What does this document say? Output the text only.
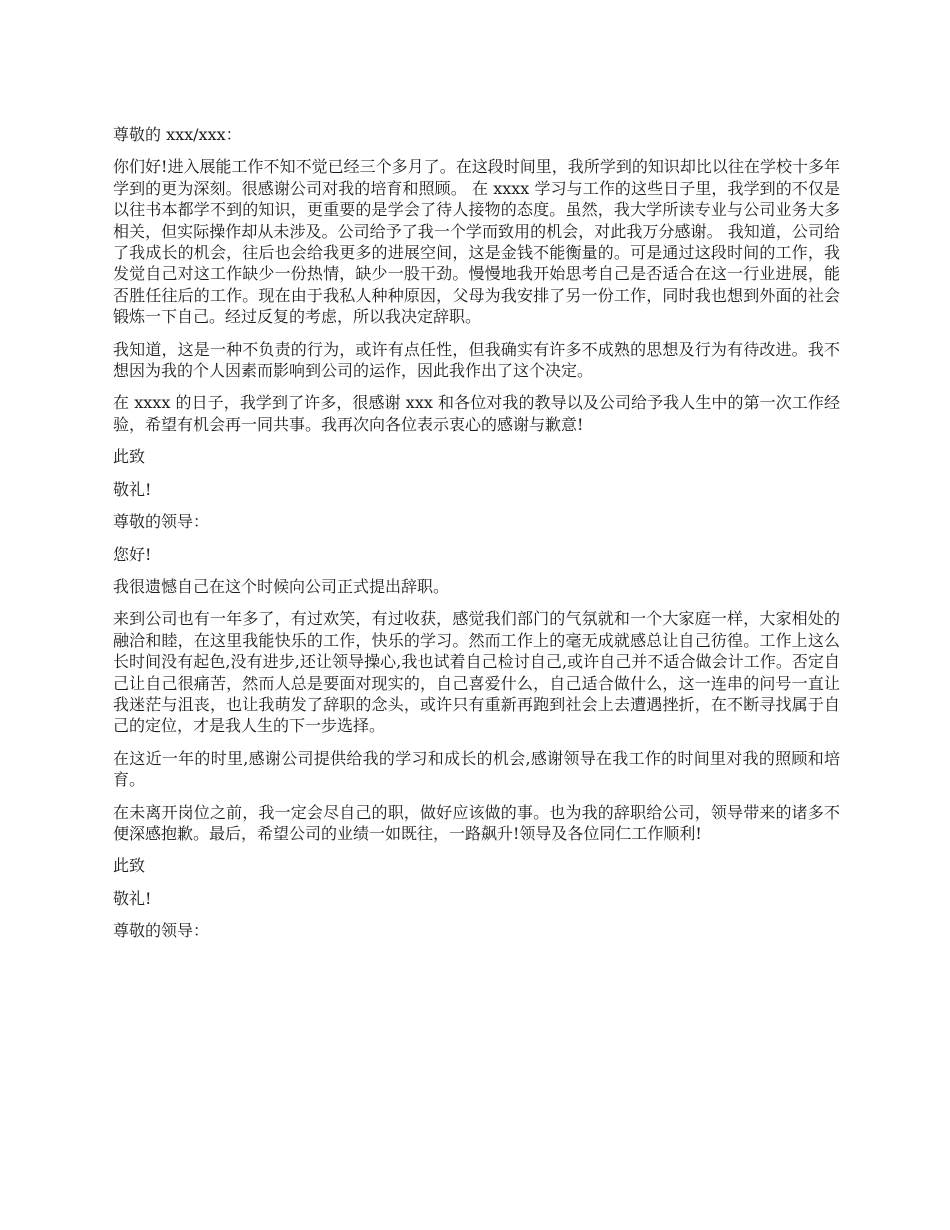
尊敬的 xxx/xxx：

你们好!进入展能工作不知不觉已经三个多月了。在这段时间里，我所学到的知识却比以往在学校十多年学到的更为深刻。很感谢公司对我的培育和照顾。 在 xxxx 学习与工作的这些日子里，我学到的不仅是以往书本都学不到的知识，更重要的是学会了待人接物的态度。虽然，我大学所读专业与公司业务大多相关，但实际操作却从未涉及。公司给予了我一个学而致用的机会，对此我万分感谢。 我知道，公司给了我成长的机会，往后也会给我更多的进展空间，这是金钱不能衡量的。可是通过这段时间的工作，我发觉自己对这工作缺少一份热情，缺少一股干劲。慢慢地我开始思考自己是否适合在这一行业进展，能否胜任往后的工作。现在由于我私人种种原因，父母为我安排了另一份工作，同时我也想到外面的社会锻炼一下自己。经过反复的考虑，所以我决定辞职。

我知道，这是一种不负责的行为，或许有点任性，但我确实有许多不成熟的思想及行为有待改进。我不想因为我的个人因素而影响到公司的运作，因此我作出了这个决定。

在 xxxx 的日子，我学到了许多，很感谢 xxx 和各位对我的教导以及公司给予我人生中的第一次工作经验，希望有机会再一同共事。我再次向各位表示衷心的感谢与歉意!

此致

敬礼!

尊敬的领导：

您好!

我很遗憾自己在这个时候向公司正式提出辞职。

来到公司也有一年多了，有过欢笑，有过收获，感觉我们部门的气氛就和一个大家庭一样，大家相处的融洽和睦，在这里我能快乐的工作，快乐的学习。然而工作上的毫无成就感总让自己彷徨。工作上这么长时间没有起色,没有进步,还让领导操心,我也试着自己检讨自己,或许自己并不适合做会计工作。否定自己让自己很痛苦，然而人总是要面对现实的，自己喜爱什么，自己适合做什么，这一连串的问号一直让我迷茫与沮丧，也让我萌发了辞职的念头，或许只有重新再跑到社会上去遭遇挫折，在不断寻找属于自己的定位，才是我人生的下一步选择。

在这近一年的时里,感谢公司提供给我的学习和成长的机会,感谢领导在我工作的时间里对我的照顾和培育。

在未离开岗位之前，我一定会尽自己的职，做好应该做的事。也为我的辞职给公司，领导带来的诸多不便深感抱歉。最后，希望公司的业绩一如既往，一路飙升!领导及各位同仁工作顺利!

此致

敬礼!

尊敬的领导：
